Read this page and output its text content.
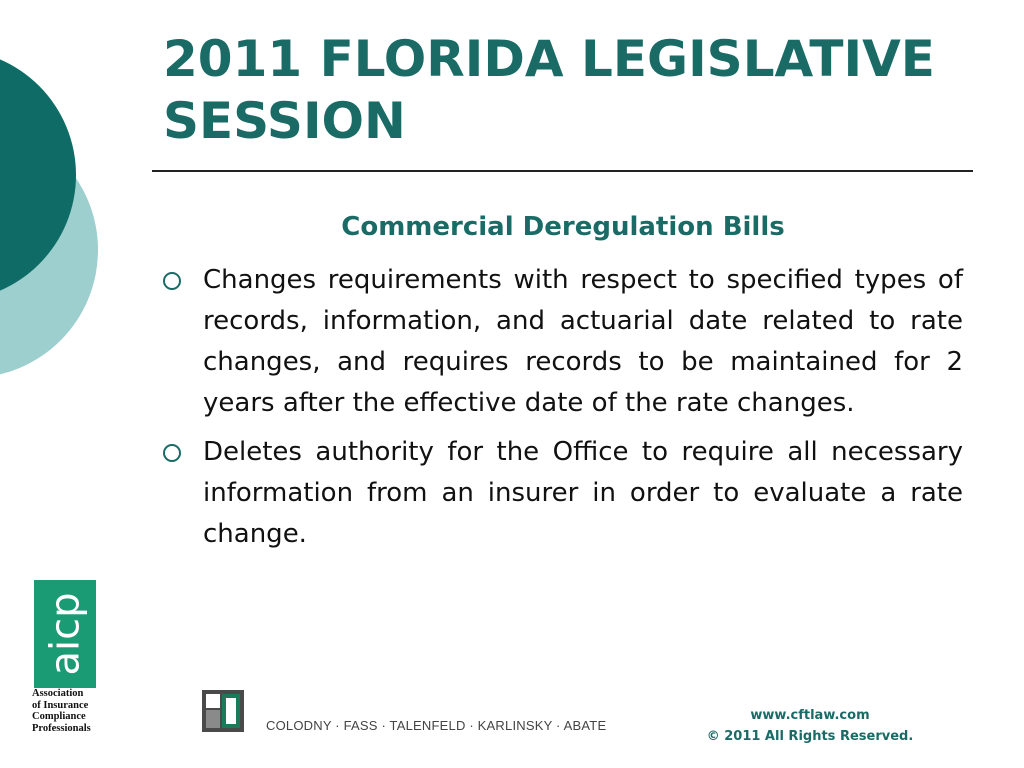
2011 FLORIDA LEGISLATIVE SESSION
Commercial Deregulation Bills
Changes requirements with respect to specified types of records, information, and actuarial date related to rate changes, and requires records to be maintained for 2 years after the effective date of the rate changes.
Deletes authority for the Office to require all necessary information from an insurer in order to evaluate a rate change.
aicp
Association
of Insurance
Compliance
Professionals	COLODNY · FASS · TALENFELD · KARLINSKY · ABATE
www.cftlaw.com
© 2011 All Rights Reserved.
